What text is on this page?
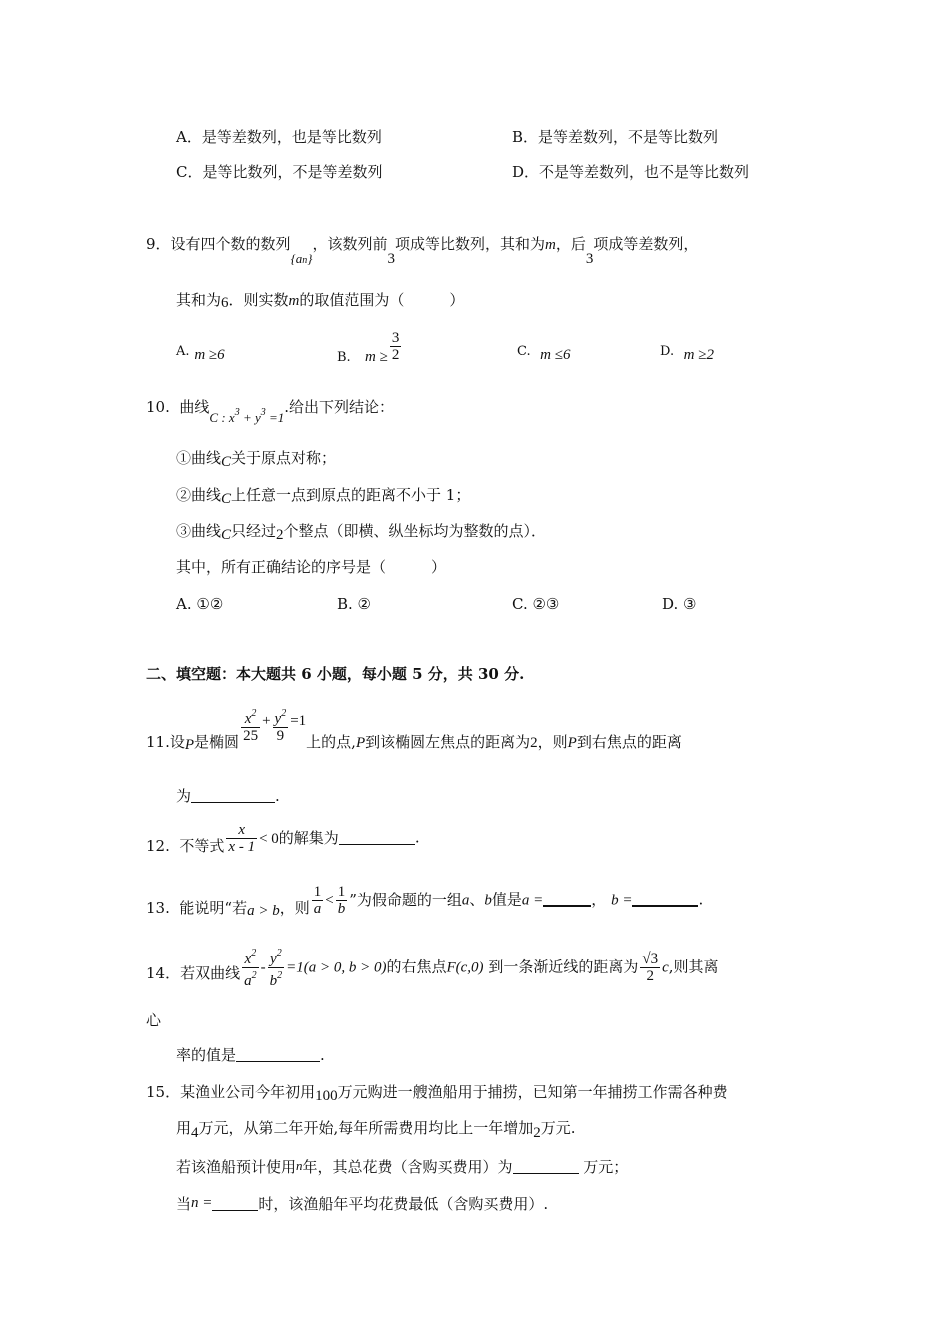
A．是等差数列，也是等比数列	B．是等差数列，不是等比数列
C．是等比数列，不是等差数列	D．不是等差数列，也不是等比数列
9．设有四个数的数列{an}，该数列前3项成等比数列，其和为m，后3项成等差数列，
其和为6．则实数m的取值范围为（　　　）
A. m ≥6	B. $m \ge \frac{3}{2}$	C. m ≤6	D. m ≥2
10. 曲线C : $x^3 + y^3 =1$.给出下列结论：
①曲线C关于原点对称；
②曲线C上任意一点到原点的距离不小于 1；
③曲线C只经过2个整点（即横、纵坐标均为整数的点）．
其中，所有正确结论的序号是（　　　）
A. ①②	B. ②	C. ②③	D. ③
二、填空题：本大题共 6 小题，每小题 5 分，共 30 分.
11.设P是椭圆 $\frac{x^2}{25} + \frac{y^2}{9} =1$上的点,P到该椭圆左焦点的距离为2，则P到右焦点的距离
为	.
12. 不等式 $\frac{x}{x - 1} < 0$的解集为	.
13. 能说明“若a > b，则 $\frac{1}{a} < \frac{1}{b}$ ”为假命题的一组a、b值是a =	， b =	.
14．若双曲线 $\frac{x^2}{a^2} - \frac{y^2}{b^2} =1(a > 0$, b > 0)的右焦点F(c,0) 到一条渐近线的距离为 $\frac{√3}{2} c$,则其离
心
率的值是	.
15．某渔业公司今年初用100万元购进一艘渔船用于捕捞，已知第一年捕捞工作需各种费
用4万元，从第二年开始,每年所需费用均比上一年增加2万元.
若该渔船预计使用n年，其总花费（含购买费用）为	万元；
当n =	时，该渔船年平均花费最低（含购买费用）.
